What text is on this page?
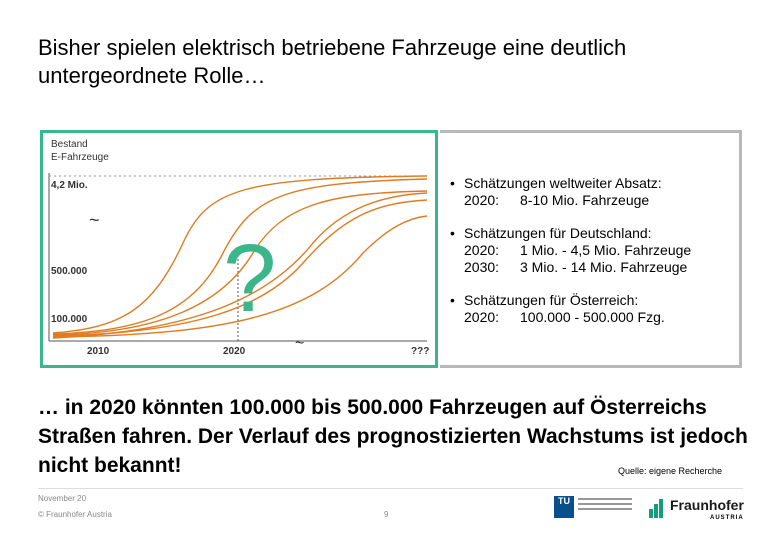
Bisher spielen elektrisch betriebene Fahrzeuge eine deutlich untergeordnete Rolle…
Bestand
E-Fahrzeuge
4,2 Mio.
500.000
100.000
~
2010	2020	???
~
?
• Schätzungen weltweiter Absatz:
2020: 8-10 Mio. Fahrzeuge
• Schätzungen für Deutschland:
2020: 1 Mio. - 4,5 Mio. Fahrzeuge
2030: 3 Mio. - 14 Mio. Fahrzeuge
• Schätzungen für Österreich:
2020: 100.000 - 500.000 Fzg.
… in 2020 könnten 100.000 bis 500.000 Fahrzeugen auf Österreichs Straßen fahren. Der Verlauf des prognostizierten Wachstums ist jedoch nicht bekannt!	Quelle: eigene Recherche
November 20
© Fraunhofer Austria	9
TU	Fraunhofer
AUSTRIA
